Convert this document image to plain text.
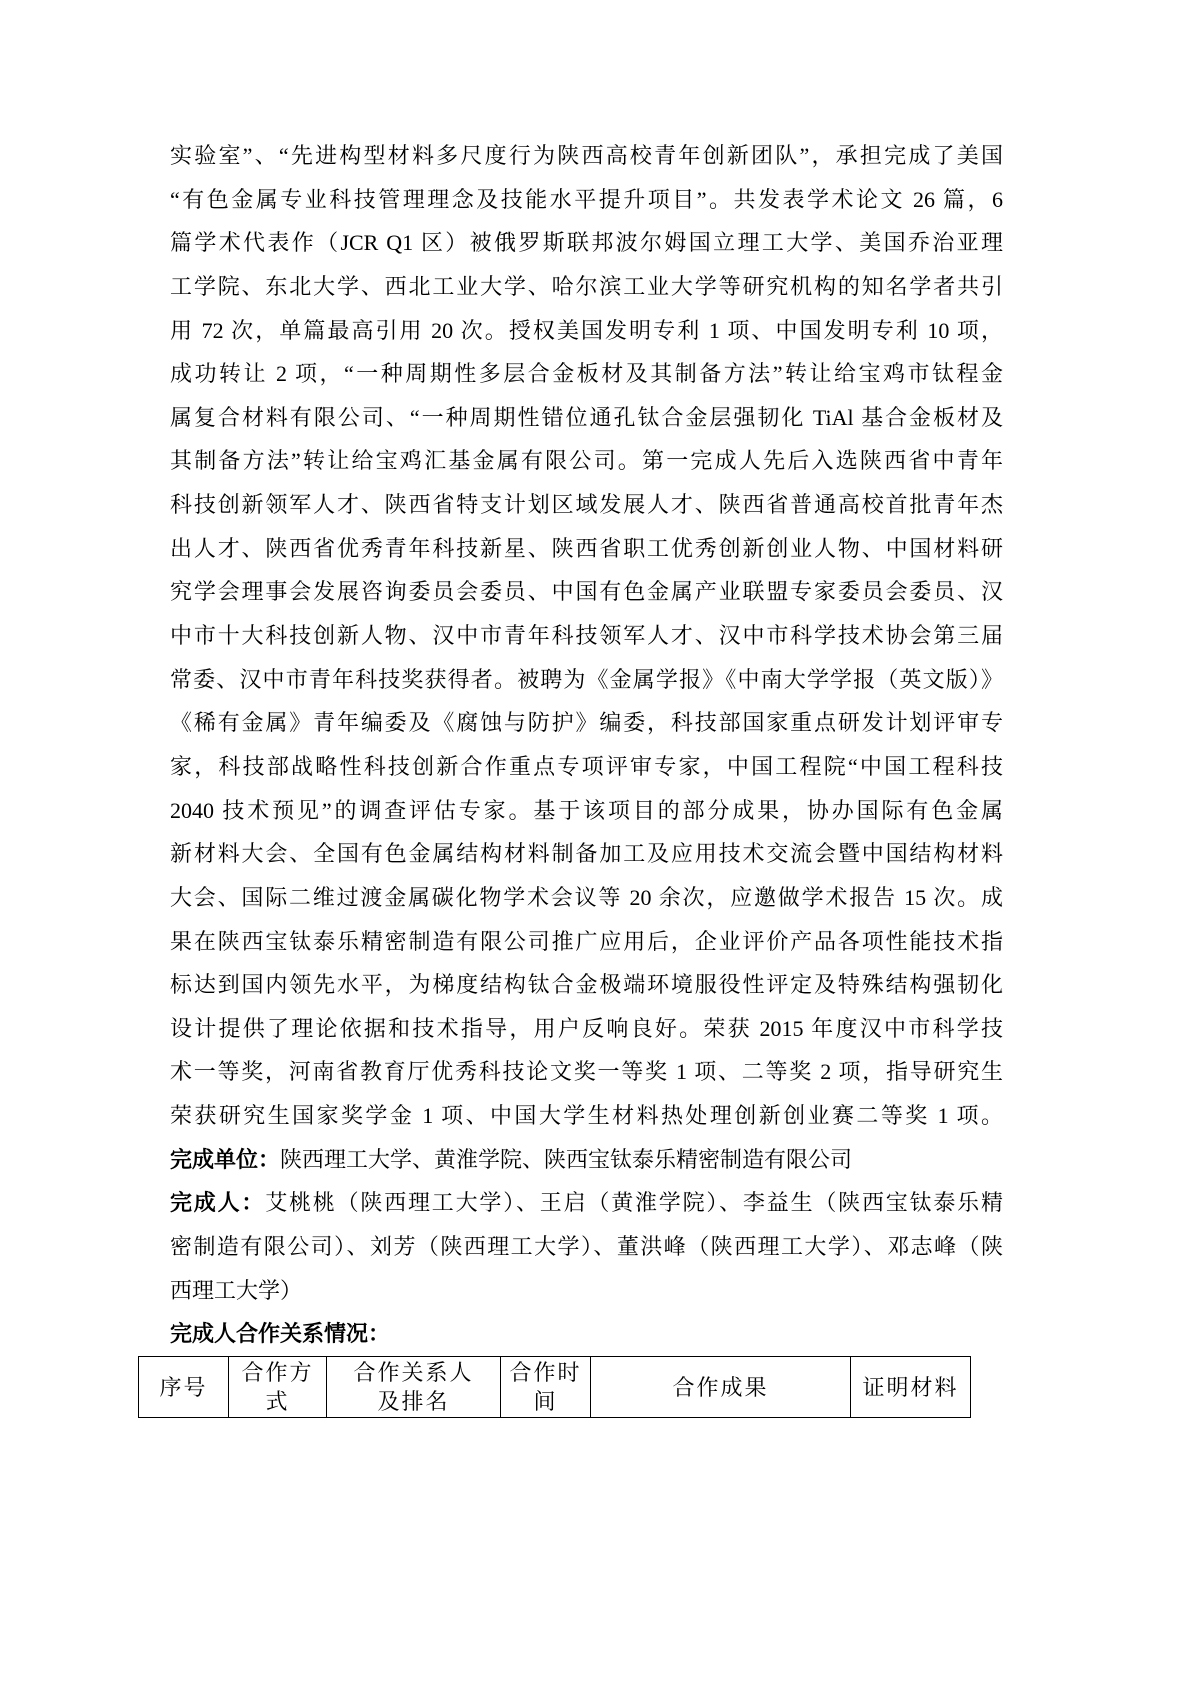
实验室”、“先进构型材料多尺度行为陕西高校青年创新团队”，承担完成了美国
“有色金属专业科技管理理念及技能水平提升项目”。共发表学术论文 26 篇，6
篇学术代表作（JCR Q1 区）被俄罗斯联邦波尔姆国立理工大学、美国乔治亚理
工学院、东北大学、西北工业大学、哈尔滨工业大学等研究机构的知名学者共引
用 72 次，单篇最高引用 20 次。授权美国发明专利 1 项、中国发明专利 10 项，
成功转让 2 项，“一种周期性多层合金板材及其制备方法”转让给宝鸡市钛程金
属复合材料有限公司、“一种周期性错位通孔钛合金层强韧化 TiAl 基合金板材及
其制备方法”转让给宝鸡汇基金属有限公司。第一完成人先后入选陕西省中青年
科技创新领军人才、陕西省特支计划区域发展人才、陕西省普通高校首批青年杰
出人才、陕西省优秀青年科技新星、陕西省职工优秀创新创业人物、中国材料研
究学会理事会发展咨询委员会委员、中国有色金属产业联盟专家委员会委员、汉
中市十大科技创新人物、汉中市青年科技领军人才、汉中市科学技术协会第三届
常委、汉中市青年科技奖获得者。被聘为《金属学报》《中南大学学报（英文版）》
《稀有金属》青年编委及《腐蚀与防护》编委，科技部国家重点研发计划评审专
家，科技部战略性科技创新合作重点专项评审专家，中国工程院“中国工程科技
2040 技术预见”的调查评估专家。基于该项目的部分成果，协办国际有色金属
新材料大会、全国有色金属结构材料制备加工及应用技术交流会暨中国结构材料
大会、国际二维过渡金属碳化物学术会议等 20 余次，应邀做学术报告 15 次。成
果在陕西宝钛泰乐精密制造有限公司推广应用后，企业评价产品各项性能技术指
标达到国内领先水平，为梯度结构钛合金极端环境服役性评定及特殊结构强韧化
设计提供了理论依据和技术指导，用户反响良好。荣获 2015 年度汉中市科学技
术一等奖，河南省教育厅优秀科技论文奖一等奖 1 项、二等奖 2 项，指导研究生
荣获研究生国家奖学金 1 项、中国大学生材料热处理创新创业赛二等奖 1 项。
完成单位：陕西理工大学、黄淮学院、陕西宝钛泰乐精密制造有限公司
完成人：艾桃桃（陕西理工大学）、王启（黄淮学院）、李益生（陕西宝钛泰乐精
密制造有限公司）、刘芳（陕西理工大学）、董洪峰（陕西理工大学）、邓志峰（陕
西理工大学）
完成人合作关系情况：
序号	合作方式	合作关系人及排名	合作时间	合作成果	证明材料
